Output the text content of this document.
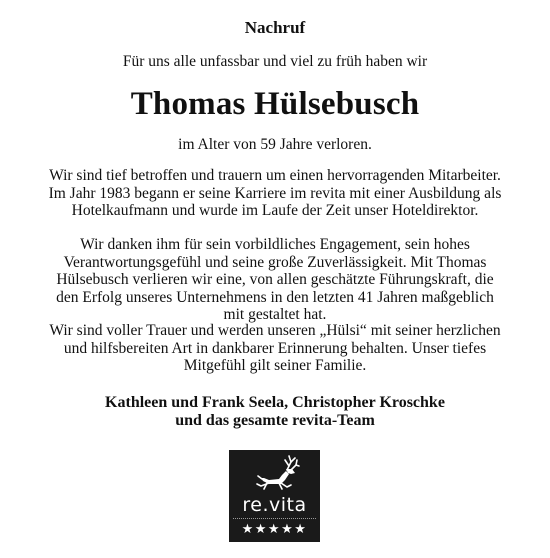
Nachruf
Für uns alle unfassbar und viel zu früh haben wir
Thomas Hülsebusch
im Alter von 59 Jahre verloren.
Wir sind tief betroffen und trauern um einen hervorragenden Mitarbeiter.
Im Jahr 1983 begann er seine Karriere im revita mit einer Ausbildung als
Hotelkaufmann und wurde im Laufe der Zeit unser Hoteldirektor.
Wir danken ihm für sein vorbildliches Engagement, sein hohes
Verantwortungsgefühl und seine große Zuverlässigkeit. Mit Thomas
Hülsebusch verlieren wir eine, von allen geschätzte Führungskraft, die
den Erfolg unseres Unternehmens in den letzten 41 Jahren maßgeblich
mit gestaltet hat.
Wir sind voller Trauer und werden unseren „Hülsi“ mit seiner herzlichen
und hilfsbereiten Art in dankbarer Erinnerung behalten. Unser tiefes
Mitgefühl gilt seiner Familie.
Kathleen und Frank Seela, Christopher Kroschke
und das gesamte revita-Team
re.vita
★★★★★
